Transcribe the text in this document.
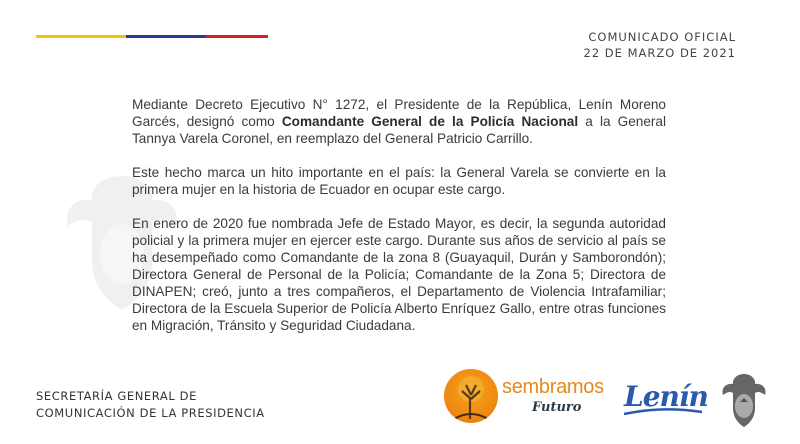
COMUNICADO OFICIAL
22 DE MARZO DE 2021

Mediante Decreto Ejecutivo N° 1272, el Presidente de la República, Lenín Moreno Garcés, designó como Comandante General de la Policía Nacional a la General Tannya Varela Coronel, en reemplazo del General Patricio Carrillo.

Este hecho marca un hito importante en el país: la General Varela se convierte en la primera mujer en la historia de Ecuador en ocupar este cargo.

En enero de 2020 fue nombrada Jefe de Estado Mayor, es decir, la segunda autoridad policial y la primera mujer en ejercer este cargo. Durante sus años de servicio al país se ha desempeñado como Comandante de la zona 8 (Guayaquil, Durán y Samborondón); Directora General de Personal de la Policía; Comandante de la Zona 5; Directora de DINAPEN; creó, junto a tres compañeros, el Departamento de Violencia Intrafamiliar; Directora de la Escuela Superior de Policía Alberto Enríquez Gallo, entre otras funciones en Migración, Tránsito y Seguridad Ciudadana.

SECRETARÍA GENERAL DE
COMUNICACIÓN DE LA PRESIDENCIA
sembramos
Futuro Lenín
